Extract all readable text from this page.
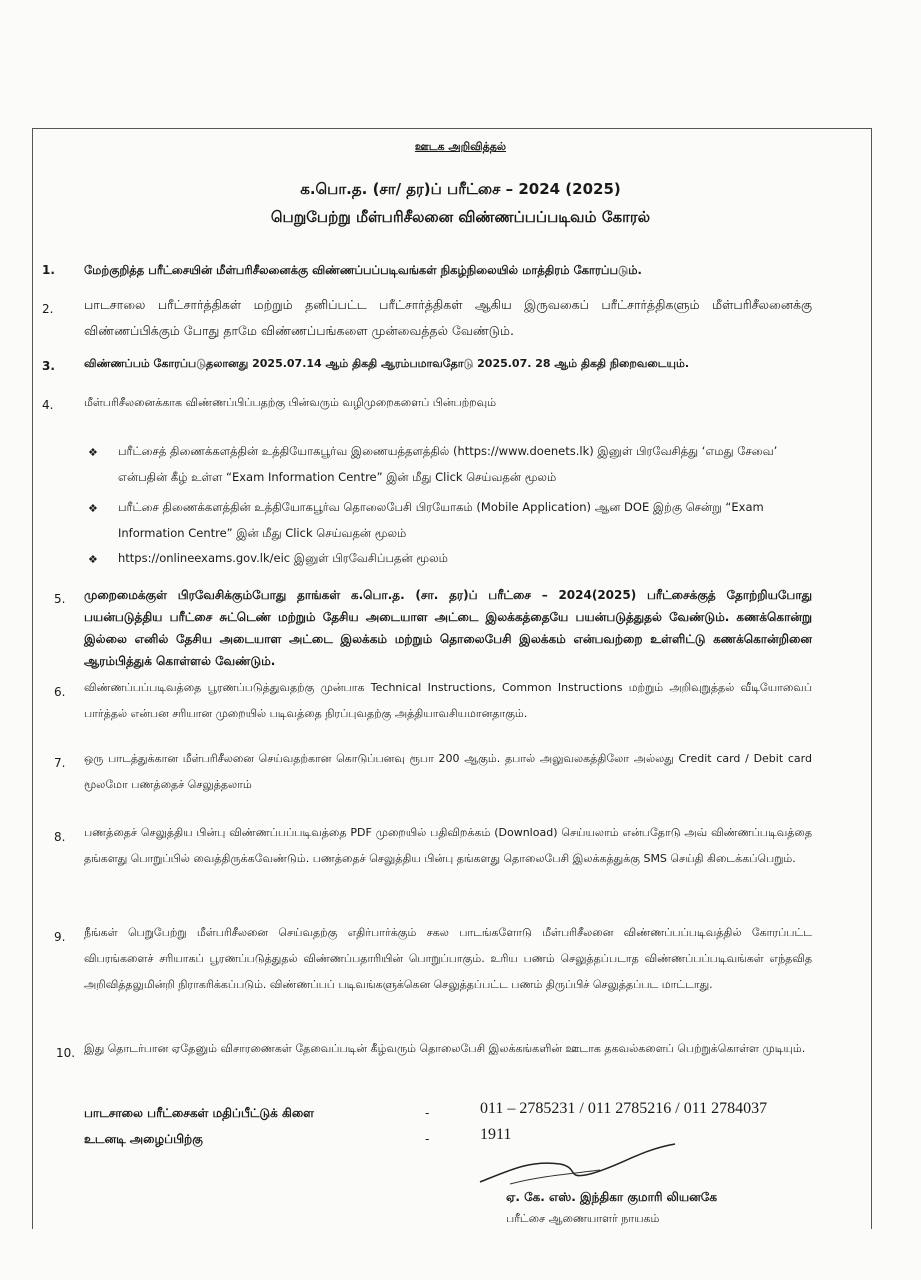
ஊடக அறிவித்தல்
க.பொ.த. (சா/ தர)ப் பரீட்சை – 2024 (2025)
பெறுபேற்று மீள்பரிசீலனை விண்ணப்பப்படிவம் கோரல்
1.	மேற்குறித்த பரீட்சையின் மீள்பரிசீலனைக்கு விண்ணப்பப்படிவங்கள் நிகழ்நிலையில் மாத்திரம் கோரப்படும்.
2.	பாடசாலை பரீட்சார்த்திகள் மற்றும் தனிப்பட்ட பரீட்சார்த்திகள் ஆகிய இருவகைப் பரீட்சார்த்திகளும் மீள்பரிசீலனைக்கு விண்ணப்பிக்கும் போது தாமே விண்ணப்பங்களை முன்வைத்தல் வேண்டும்.
3.	விண்ணப்பம் கோரப்படுதலானது 2025.07.14 ஆம் திகதி ஆரம்பமாவதோடு 2025.07. 28 ஆம் திகதி நிறைவடையும்.
4.	மீள்பரிசீலனைக்காக விண்ணப்பிப்பதற்கு பின்வரும் வழிமுறைகளைப் பின்பற்றவும்
❖ பரீட்சைத் திணைக்களத்தின் உத்தியோகபூர்வ இணையத்தளத்தில் (https://www.doenets.lk) இனுள் பிரவேசித்து ‘எமது சேவை’ என்பதின் கீழ் உள்ள “Exam Information Centre” இன் மீது Click செய்வதன் மூலம்
❖ பரீட்சை திணைக்களத்தின் உத்தியோகபூர்வ தொலைபேசி பிரயோகம் (Mobile Application) ஆன DOE இற்கு சென்று “Exam Information Centre” இன் மீது Click செய்வதன் மூலம்
❖ https://onlineexams.gov.lk/eic இனுள் பிரவேசிப்பதன் மூலம்
5.	முறைமைக்குள் பிரவேசிக்கும்போது தாங்கள் க.பொ.த. (சா. தர)ப் பரீட்சை – 2024(2025) பரீட்சைக்குத் தோற்றியபோது பயன்படுத்திய பரீட்சை சுட்டெண் மற்றும் தேசிய அடையாள அட்டை இலக்கத்தையே பயன்படுத்துதல் வேண்டும். கணக்கொன்று இல்லை எனில் தேசிய அடையாள அட்டை இலக்கம் மற்றும் தொலைபேசி இலக்கம் என்பவற்றை உள்ளிட்டு கணக்கொன்றினை ஆரம்பித்துக் கொள்ளல் வேண்டும்.
6.	விண்ணப்பப்படிவத்தை பூரணப்படுத்துவதற்கு முன்பாக Technical Instructions, Common Instructions மற்றும் அறிவுறுத்தல் வீடியோவைப் பார்த்தல் என்பன சரியான முறையில் படிவத்தை நிரப்புவதற்கு அத்தியாவசியமானதாகும்.
7.	ஒரு பாடத்துக்கான மீள்பரிசீலனை செய்வதற்கான கொடுப்பனவு ரூபா 200 ஆகும். தபால் அலுவலகத்திலோ அல்லது Credit card / Debit card மூலமோ பணத்தைச் செலுத்தலாம்
8.	பணத்தைச் செலுத்திய பின்பு விண்ணப்பப்படிவத்தை PDF முறையில் பதிவிறக்கம் (Download) செய்யலாம் என்பதோடு அவ் விண்ணப்படிவத்தை தங்களது பொறுப்பில் வைத்திருக்கவேண்டும். பணத்தைச் செலுத்திய பின்பு தங்களது தொலைபேசி இலக்கத்துக்கு SMS செய்தி கிடைக்கப்பெறும்.
9.	நீங்கள் பெறுபேற்று மீள்பரிசீலனை செய்வதற்கு எதிர்பார்க்கும் சகல பாடங்களோடு மீள்பரிசீலனை விண்ணப்பப்படிவத்தில் கோரப்பட்ட விபரங்களைச் சரியாகப் பூரணப்படுத்துதல் விண்ணப்பதாரியின் பொறுப்பாகும். உரிய பணம் செலுத்தப்படாத விண்ணப்பப்படிவங்கள் எந்தவித அறிவித்தலுமின்றி நிராகரிக்கப்படும். விண்ணப்பப் படிவங்களுக்கென செலுத்தப்பட்ட பணம் திருப்பிச் செலுத்தப்பட மாட்டாது.
10. இது தொடர்பான ஏதேனும் விசாரணைகள் தேவைப்படின் கீழ்வரும் தொலைபேசி இலக்கங்களின் ஊடாக தகவல்களைப் பெற்றுக்கொள்ள முடியும்.
பாடசாலை பரீட்சைகள் மதிப்பீட்டுக் கிளை	-	011 – 2785231 / 011 2785216 / 011 2784037
உடனடி அழைப்பிற்கு	-	1911
ஏ. கே. எஸ். இந்திகா குமாரி லியனகே
பரீட்சை ஆணையாளர் நாயகம்
